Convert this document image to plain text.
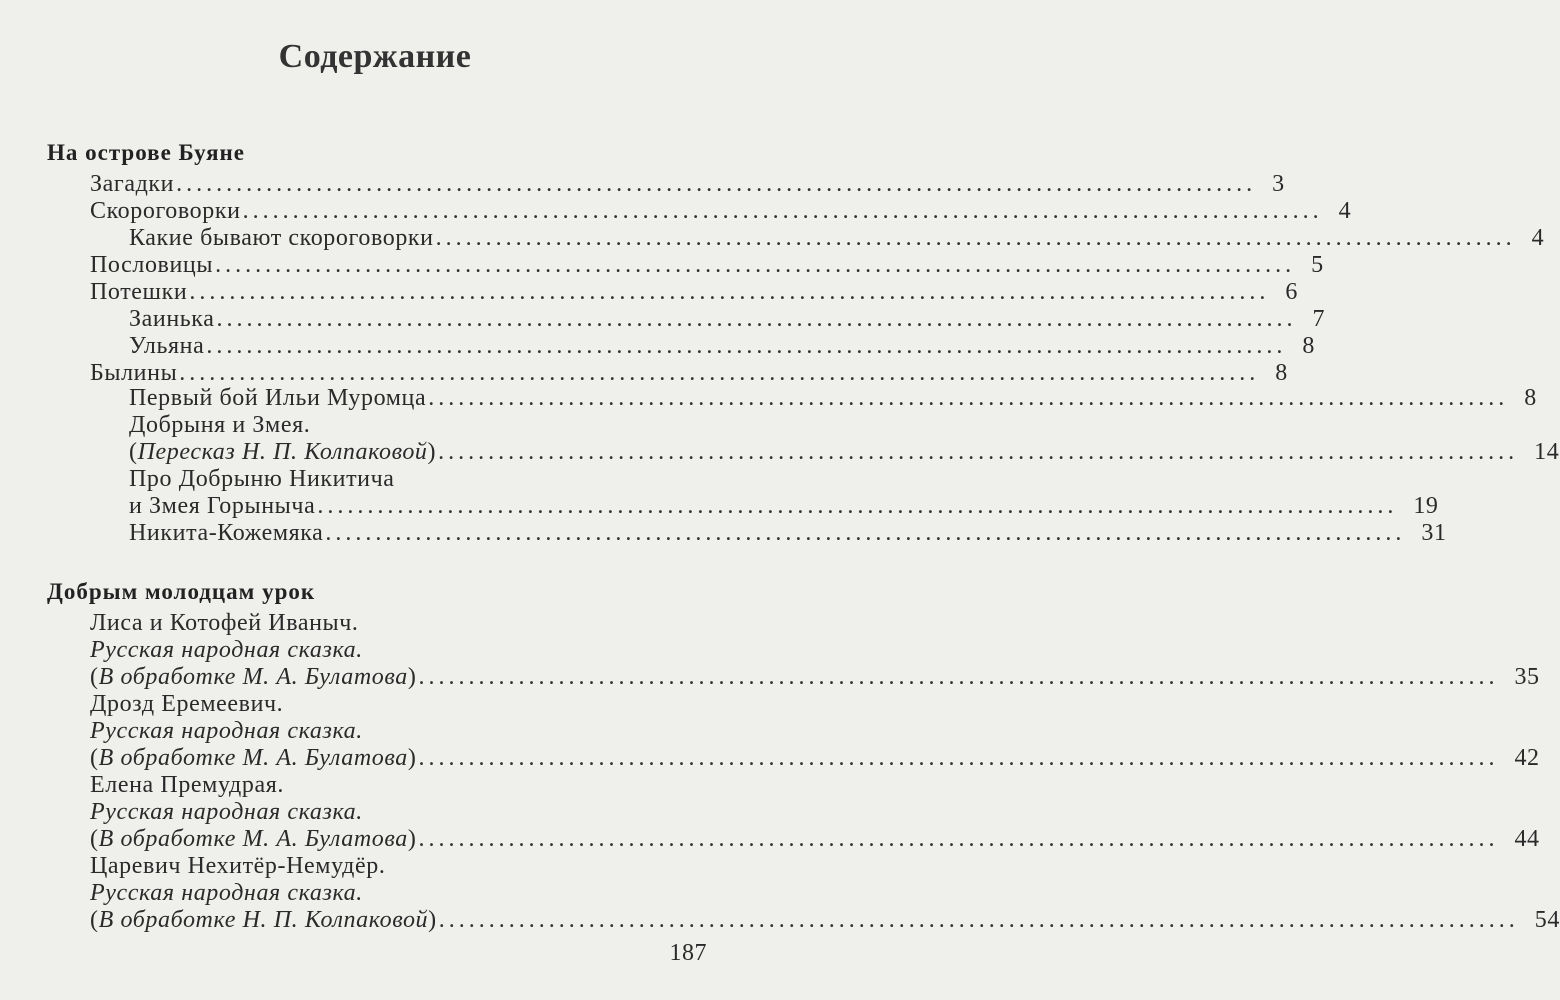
Содержание
На острове Буяне
Загадки ............................................................................................................ 3
Скороговорки ............................................................................................................ 4
Какие бывают скороговорки ............................................................................................................ 4
Пословицы ............................................................................................................ 5
Потешки ............................................................................................................ 6
Заинька ............................................................................................................ 7
Ульяна ............................................................................................................ 8
Былины ............................................................................................................ 8
Первый бой Ильи Муромца ............................................................................................................ 8
Добрыня и Змея.
(Пересказ Н. П. Колпаковой) ............................................................................................................ 14
Про Добрыню Никитича
и Змея Горыныча ............................................................................................................ 19
Никита-Кожемяка ............................................................................................................ 31
Добрым молодцам урок
Лиса и Котофей Иваныч.
Русская народная сказка.
(В обработке М. А. Булатова) ............................................................................................................ 35
Дрозд Еремеевич.
Русская народная сказка.
(В обработке М. А. Булатова) ............................................................................................................ 42
Елена Премудрая.
Русская народная сказка.
(В обработке М. А. Булатова) ............................................................................................................ 44
Царевич Нехитёр-Немудёр.
Русская народная сказка.
(В обработке Н. П. Колпаковой) ............................................................................................................ 54
187
